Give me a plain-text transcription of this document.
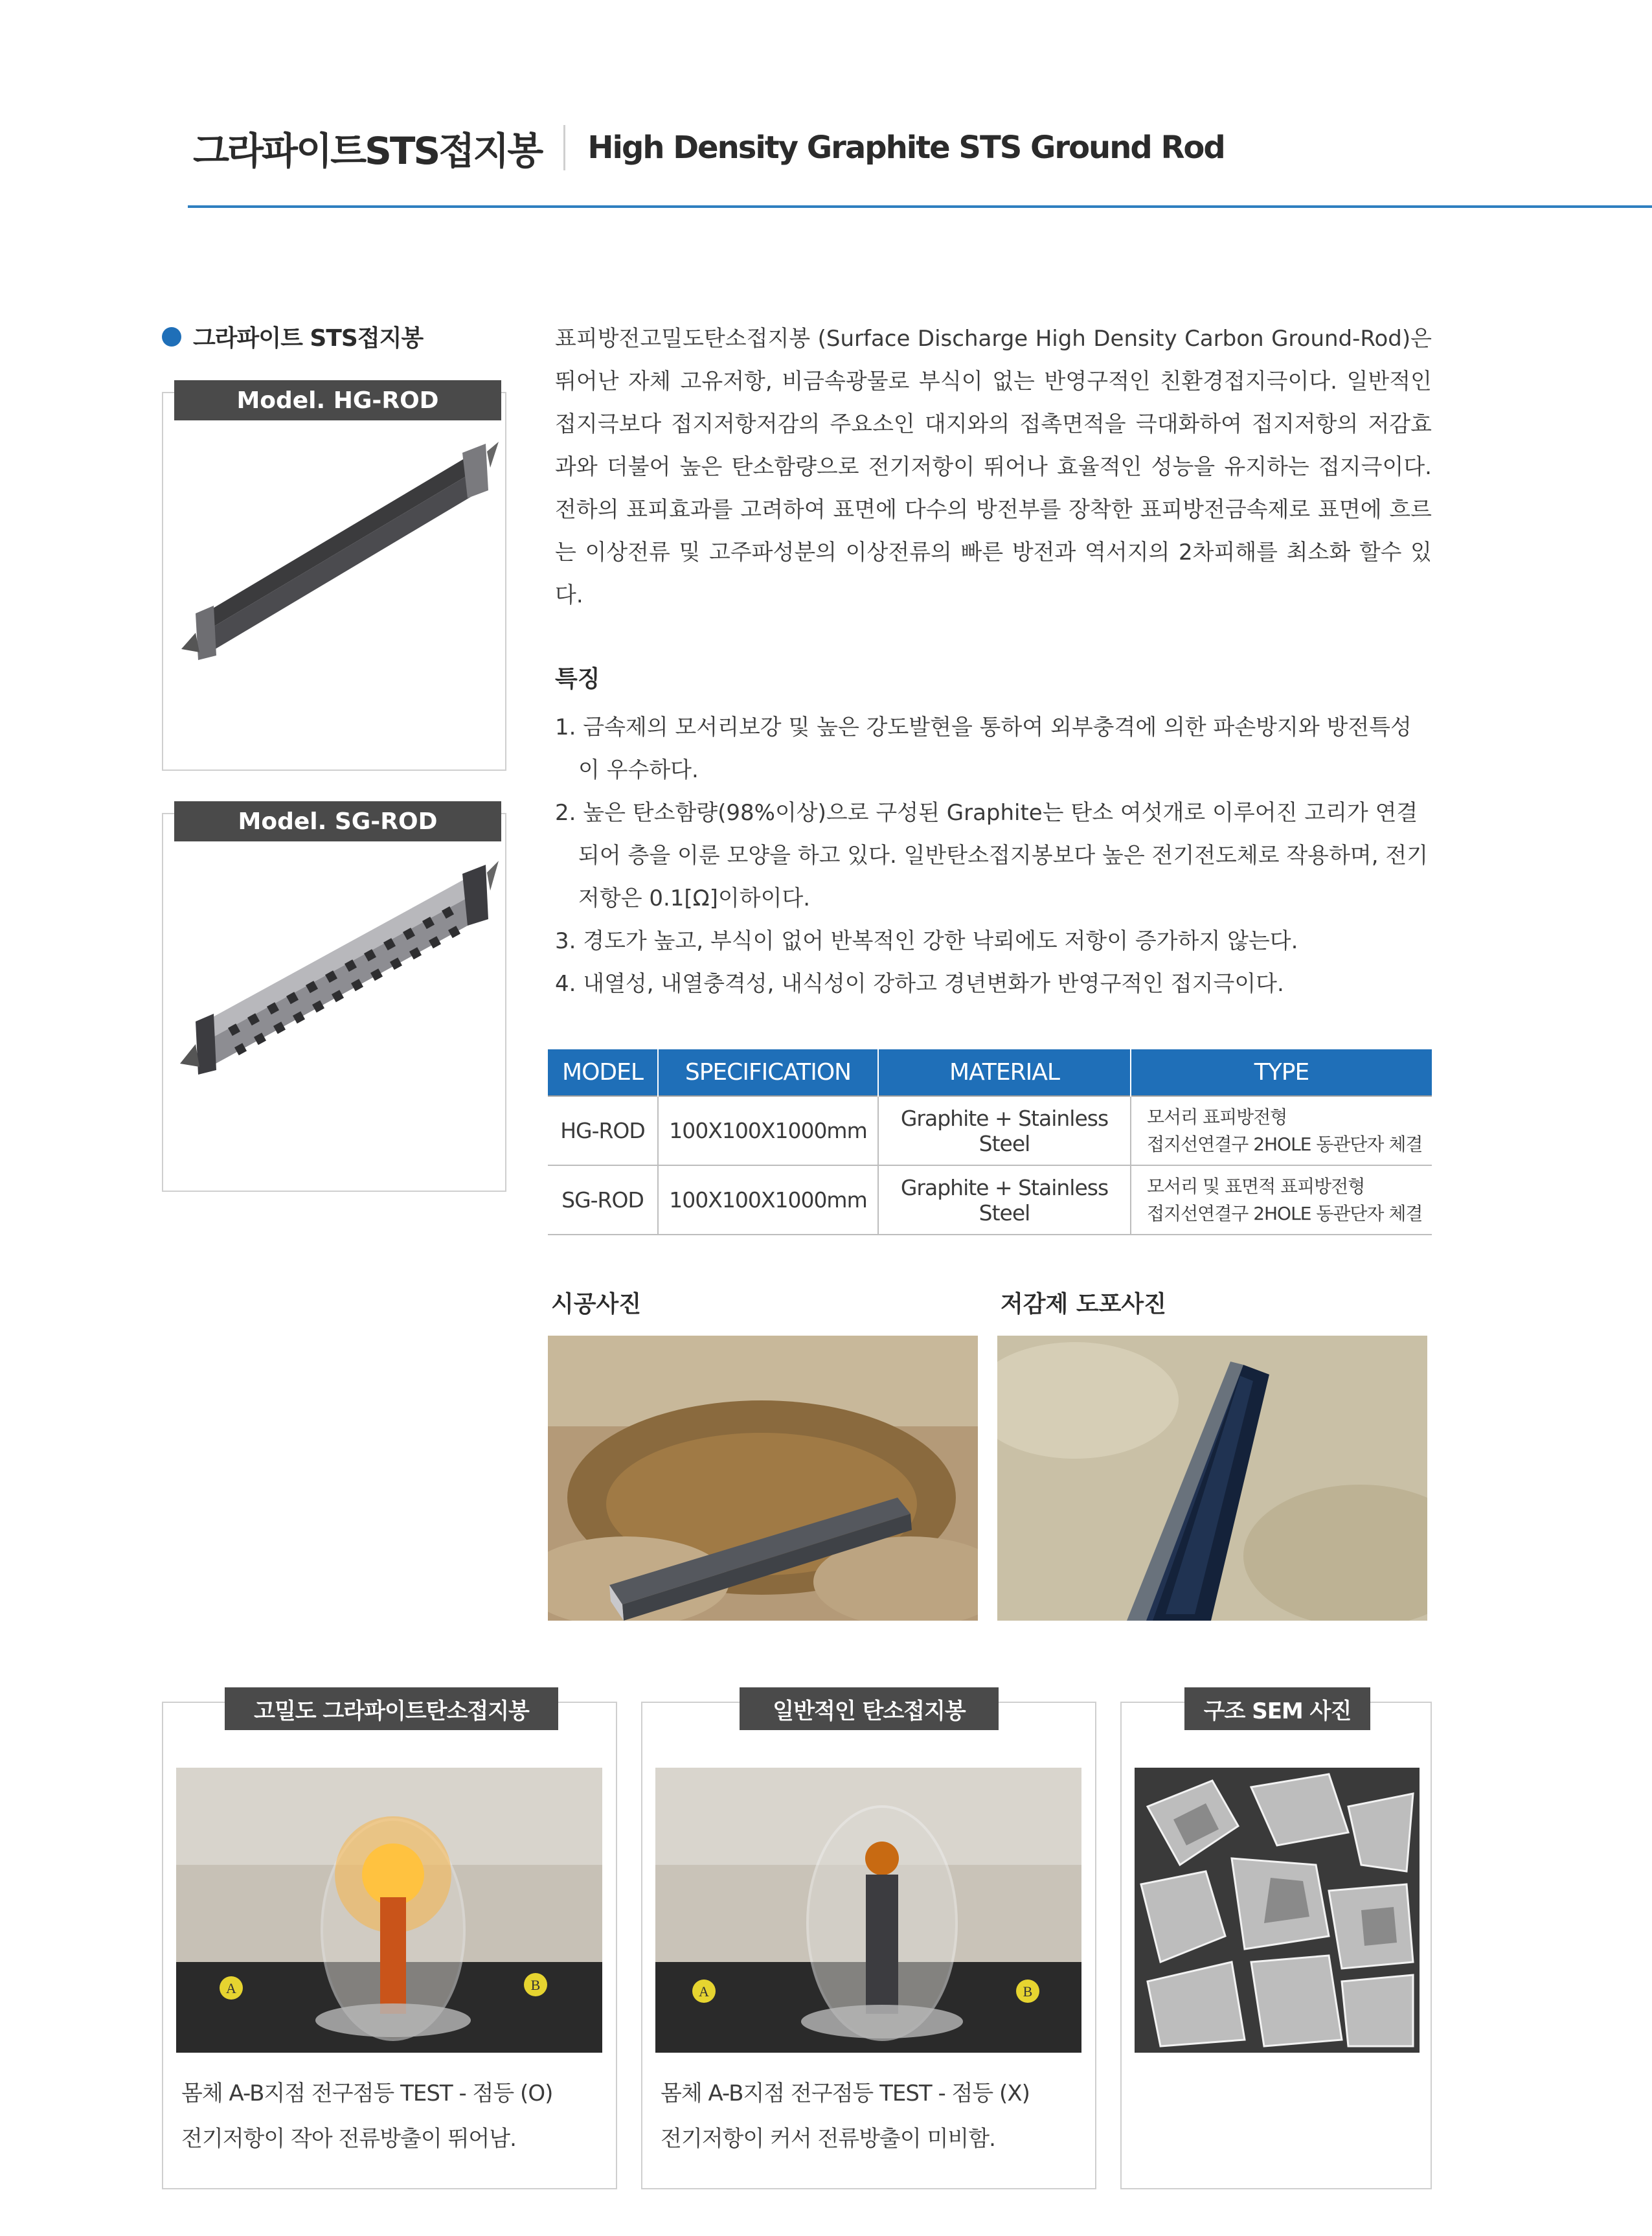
그라파이트STS접지봉 High Density Graphite STS Ground Rod
그라파이트 STS접지봉
Model. HG-ROD
Model. SG-ROD

표피방전고밀도탄소접지봉 (Surface Discharge High Density Carbon Ground-Rod)은 뛰어난 자체 고유저항, 비금속광물로 부식이 없는 반영구적인 친환경접지극이다. 일반적인 접지극보다 접지저항저감의 주요소인 대지와의 접촉면적을 극대화하여 접지저항의 저감효과와 더불어 높은 탄소함량으로 전기저항이 뛰어나 효율적인 성능을 유지하는 접지극이다. 전하의 표피효과를 고려하여 표면에 다수의 방전부를 장착한 표피방전금속제로 표면에 흐르는 이상전류 및 고주파성분의 이상전류의 빠른 방전과 역서지의 2차피해를 최소화 할수 있다.

특징
1. 금속제의 모서리보강 및 높은 강도발현을 통하여 외부충격에 의한 파손방지와 방전특성이 우수하다.
2. 높은 탄소함량(98%이상)으로 구성된 Graphite는 탄소 여섯개로 이루어진 고리가 연결되어 층을 이룬 모양을 하고 있다. 일반탄소접지봉보다 높은 전기전도체로 작용하며, 전기저항은 0.1[Ω]이하이다.
3. 경도가 높고, 부식이 없어 반복적인 강한 낙뢰에도 저항이 증가하지 않는다.
4. 내열성, 내열충격성, 내식성이 강하고 경년변화가 반영구적인 접지극이다.
MODEL	SPECIFICATION	MATERIAL	TYPE
HG-ROD	100X100X1000mm	Graphite + Stainless Steel	모서리 표피방전형
접지선연결구 2HOLE 동관단자 체결

SG-ROD	100X100X1000mm	Graphite + Stainless Steel	모서리 및 표면적 표피방전형
접지선연결구 2HOLE 동관단자 체결
시공사진	저감제 도포사진
A	B
고밀도 그라파이트탄소접지봉
몸체 A-B지점 전구점등 TEST - 점등 (O)
전기저항이 작아 전류방출이 뛰어남.
A	B
일반적인 탄소접지봉
몸체 A-B지점 전구점등 TEST - 점등 (X)
전기저항이 커서 전류방출이 미비함.
구조 SEM 사진
